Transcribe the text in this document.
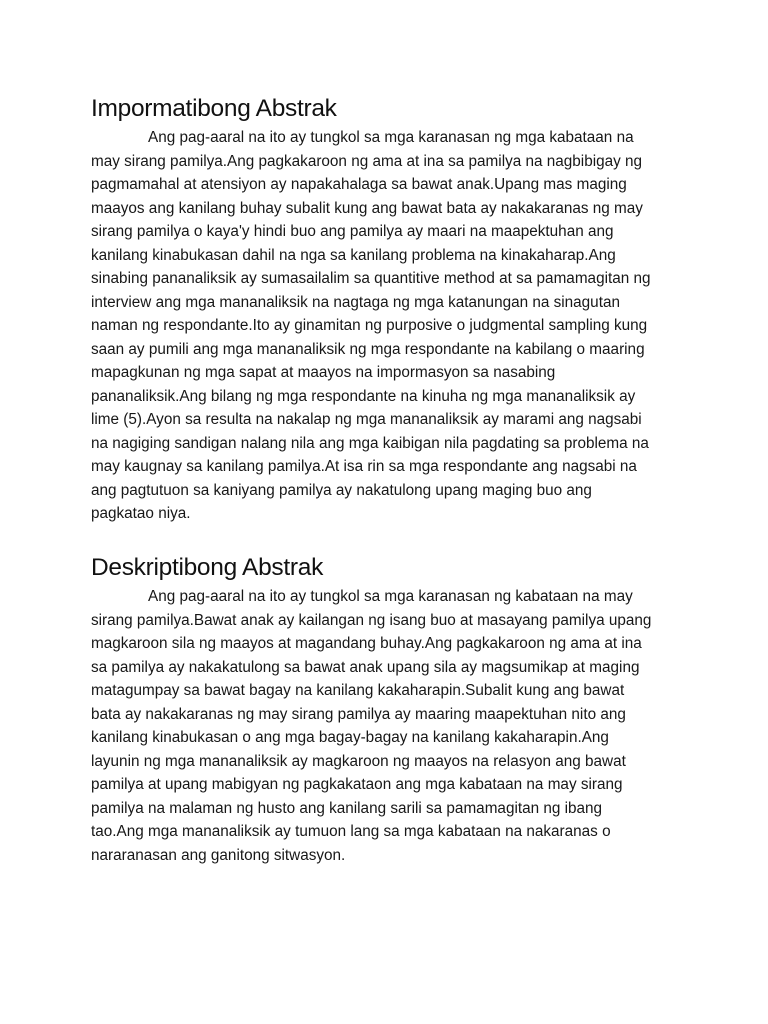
Impormatibong Abstrak
Ang pag-aaral na ito ay tungkol sa mga karanasan ng mga kabataan na
may sirang pamilya.Ang pagkakaroon ng ama at ina sa pamilya na nagbibigay ng
pagmamahal at atensiyon ay napakahalaga sa bawat anak.Upang mas maging
maayos ang kanilang buhay subalit kung ang bawat bata ay nakakaranas ng may
sirang pamilya o kaya'y hindi buo ang pamilya ay maari na maapektuhan ang
kanilang kinabukasan dahil na nga sa kanilang problema na kinakaharap.Ang
sinabing pananaliksik ay sumasailalim sa quantitive method at sa pamamagitan ng
interview ang mga mananaliksik na nagtaga ng mga katanungan na sinagutan
naman ng respondante.Ito ay ginamitan ng purposive o judgmental sampling kung
saan ay pumili ang mga mananaliksik ng mga respondante na kabilang o maaring
mapagkunan ng mga sapat at maayos na impormasyon sa nasabing
pananaliksik.Ang bilang ng mga respondante na kinuha ng mga mananaliksik ay
lime (5).Ayon sa resulta na nakalap ng mga mananaliksik ay marami ang nagsabi
na nagiging sandigan nalang nila ang mga kaibigan nila pagdating sa problema na
may kaugnay sa kanilang pamilya.At isa rin sa mga respondante ang nagsabi na
ang pagtutuon sa kaniyang pamilya ay nakatulong upang maging buo ang
pagkatao niya.
Deskriptibong Abstrak
Ang pag-aaral na ito ay tungkol sa mga karanasan ng kabataan na may
sirang pamilya.Bawat anak ay kailangan ng isang buo at masayang pamilya upang
magkaroon sila ng maayos at magandang buhay.Ang pagkakaroon ng ama at ina
sa pamilya ay nakakatulong sa bawat anak upang sila ay magsumikap at maging
matagumpay sa bawat bagay na kanilang kakaharapin.Subalit kung ang bawat
bata ay nakakaranas ng may sirang pamilya ay maaring maapektuhan nito ang
kanilang kinabukasan o ang mga bagay-bagay na kanilang kakaharapin.Ang
layunin ng mga mananaliksik ay magkaroon ng maayos na relasyon ang bawat
pamilya at upang mabigyan ng pagkakataon ang mga kabataan na may sirang
pamilya na malaman ng husto ang kanilang sarili sa pamamagitan ng ibang
tao.Ang mga mananaliksik ay tumuon lang sa mga kabataan na nakaranas o
nararanasan ang ganitong sitwasyon.
